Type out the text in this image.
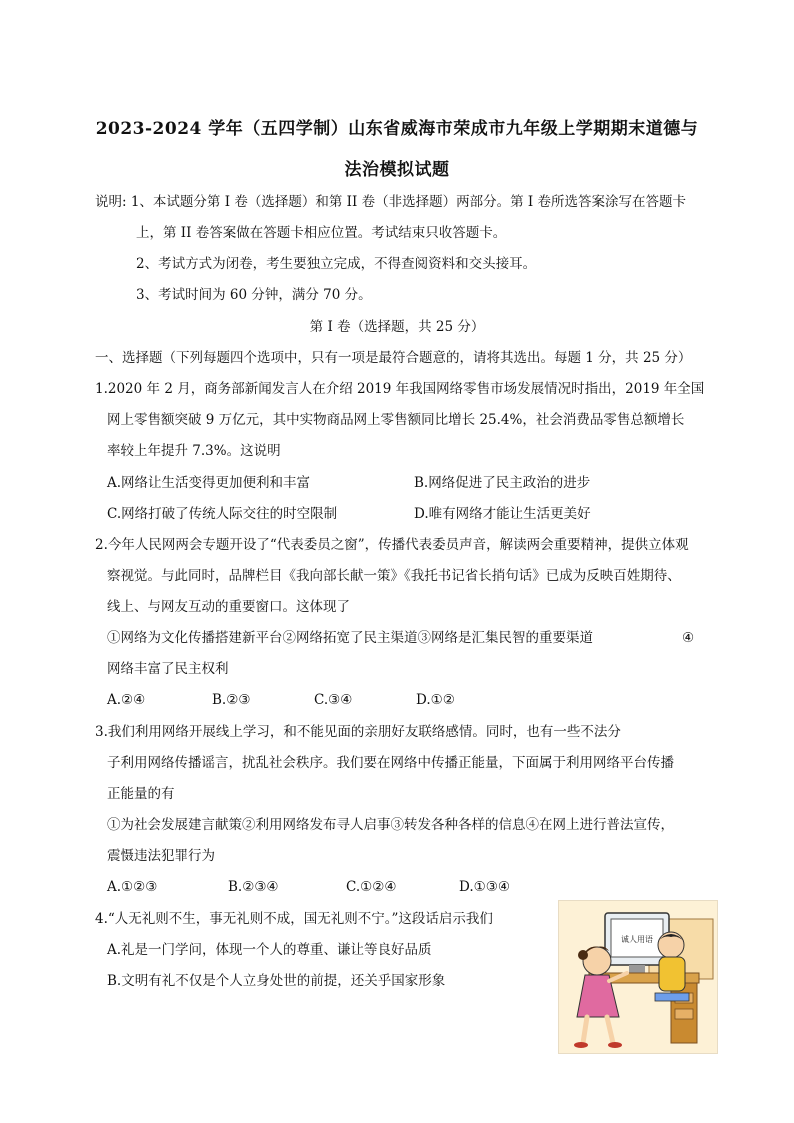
2023-2024 学年（五四学制）山东省威海市荣成市九年级上学期期末道德与
法治模拟试题
说明: 1、本试题分第 I 卷（选择题）和第 II 卷（非选择题）两部分。第 I 卷所选答案涂写在答题卡
上，第 II 卷答案做在答题卡相应位置。考试结束只收答题卡。
2、考试方式为闭卷，考生要独立完成，不得查阅资料和交头接耳。
3、考试时间为 60 分钟，满分 70 分。
第 I 卷（选择题，共 25 分）
一、选择题（下列每题四个选项中，只有一项是最符合题意的，请将其选出。每题 1 分，共 25 分）
1.2020 年 2 月，商务部新闻发言人在介绍 2019 年我国网络零售市场发展情况时指出，2019 年全国
网上零售额突破 9 万亿元，其中实物商品网上零售额同比增长 25.4%，社会消费品零售总额增长
率较上年提升 7.3%。这说明
A.网络让生活变得更加便利和丰富	B.网络促进了民主政治的进步
C.网络打破了传统人际交往的时空限制	D.唯有网络才能让生活更美好
2.今年人民网两会专题开设了“代表委员之窗”，传播代表委员声音，解读两会重要精神，提供立体观
察视觉。与此同时，品牌栏目《我向部长献一策》《我托书记省长捎句话》已成为反映百姓期待、
线上、与网友互动的重要窗口。这体现了
①网络为文化传播搭建新平台②网络拓宽了民主渠道③网络是汇集民智的重要渠道	④
网络丰富了民主权利
A.②④	B.②③	C.③④	D.①②
3.我们利用网络开展线上学习，和不能见面的亲朋好友联络感情。同时，也有一些不法分
子利用网络传播谣言，扰乱社会秩序。我们要在网络中传播正能量，下面属于利用网络平台传播
正能量的有
①为社会发展建言献策②利用网络发布寻人启事③转发各种各样的信息④在网上进行普法宣传，
震慑违法犯罪行为
A.①②③	B.②③④	C.①②④	D.①③④
4.“人无礼则不生，事无礼则不成，国无礼则不宁。”这段话启示我们
A.礼是一门学问，体现一个人的尊重、谦让等良好品质
B.文明有礼不仅是个人立身处世的前提，还关乎国家形象
诚人用语
